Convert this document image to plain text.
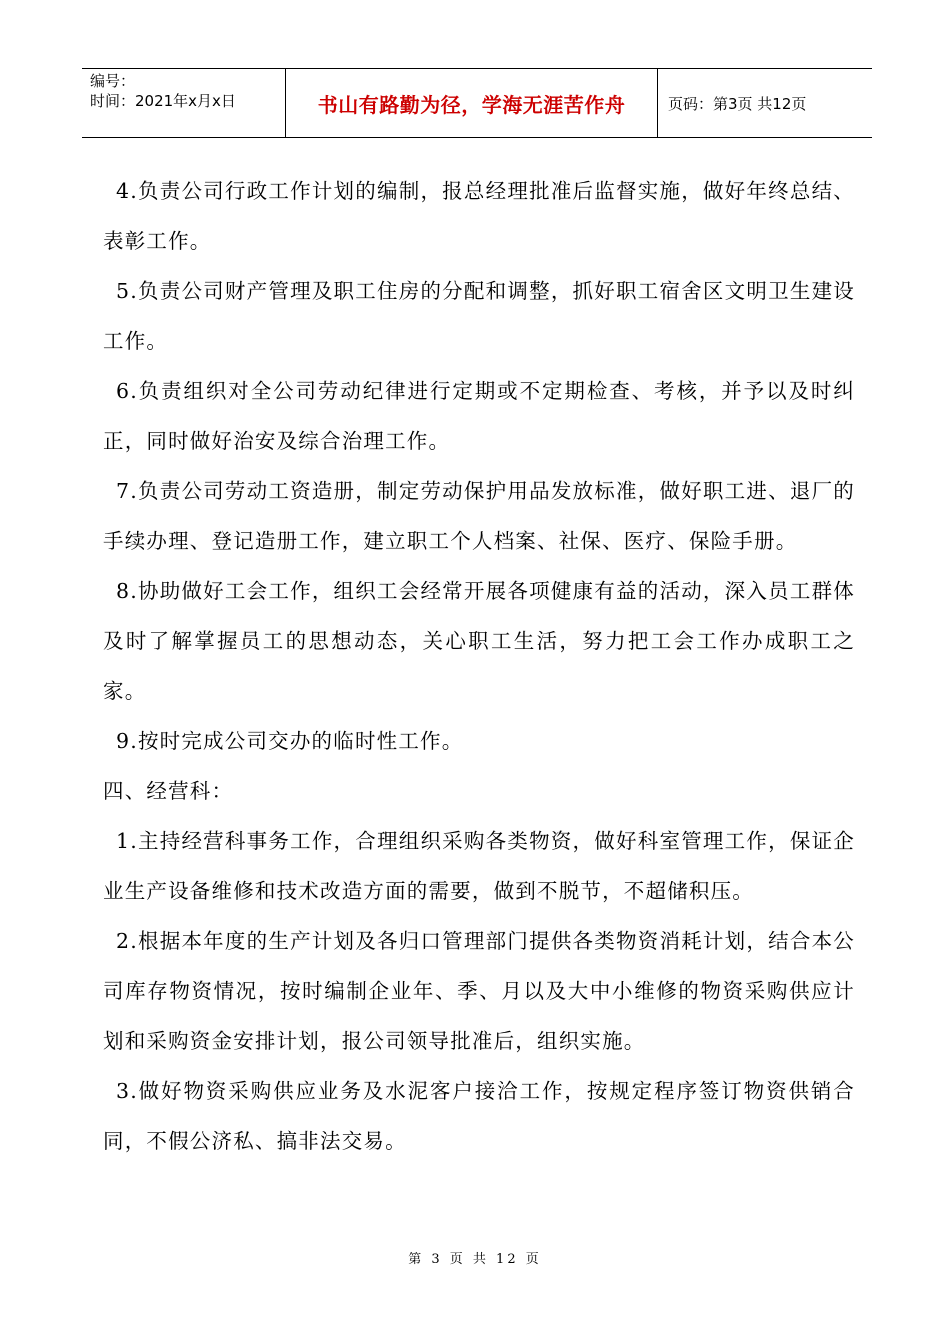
编号：
时间：2021年x月x日	书山有路勤为径，学海无涯苦作舟	页码：第3页 共12页

4.负责公司行政工作计划的编制，报总经理批准后监督实施，做好年终总结、表彰工作。

5.负责公司财产管理及职工住房的分配和调整，抓好职工宿舍区文明卫生建设工作。

6.负责组织对全公司劳动纪律进行定期或不定期检查、考核，并予以及时纠正，同时做好治安及综合治理工作。

7.负责公司劳动工资造册，制定劳动保护用品发放标准，做好职工进、退厂的手续办理、登记造册工作，建立职工个人档案、社保、医疗、保险手册。

8.协助做好工会工作，组织工会经常开展各项健康有益的活动，深入员工群体及时了解掌握员工的思想动态，关心职工生活，努力把工会工作办成职工之家。

9.按时完成公司交办的临时性工作。

四、经营科：

1.主持经营科事务工作，合理组织采购各类物资，做好科室管理工作，保证企业生产设备维修和技术改造方面的需要，做到不脱节，不超储积压。

2.根据本年度的生产计划及各归口管理部门提供各类物资消耗计划，结合本公司库存物资情况，按时编制企业年、季、月以及大中小维修的物资采购供应计划和采购资金安排计划，报公司领导批准后，组织实施。

3.做好物资采购供应业务及水泥客户接洽工作，按规定程序签订物资供销合同，不假公济私、搞非法交易。

第 3 页 共 12 页
